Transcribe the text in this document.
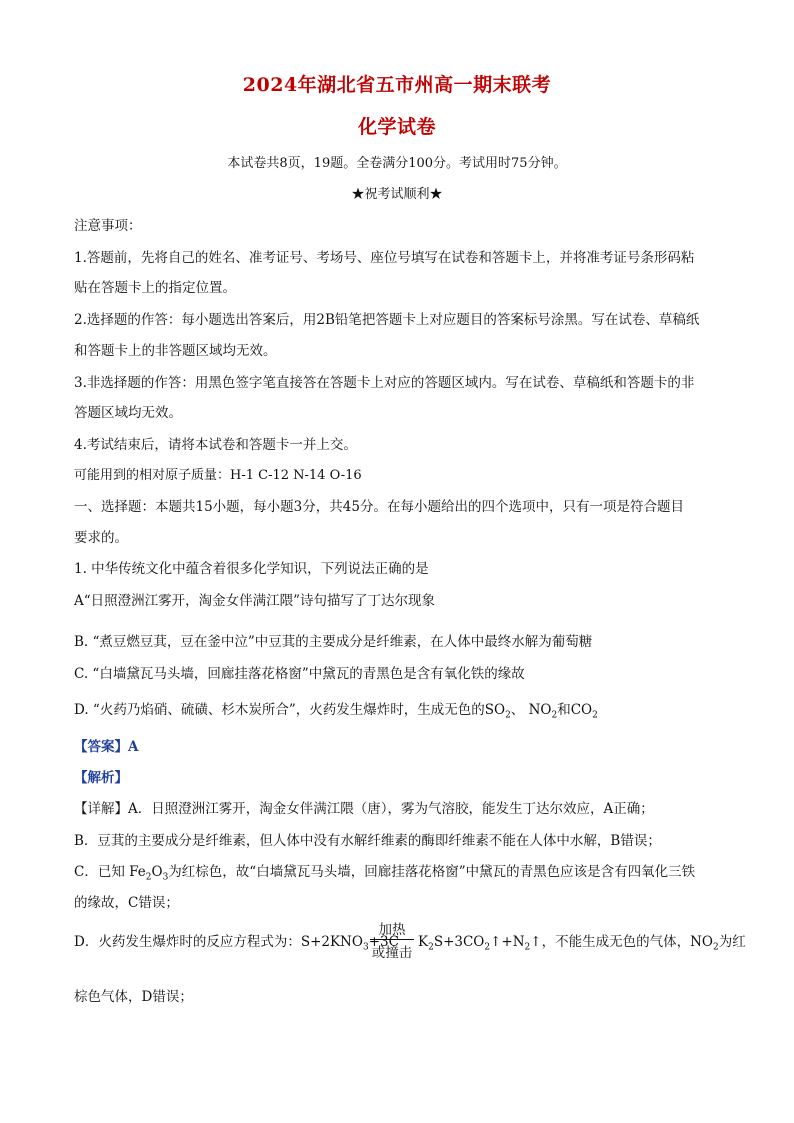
2024年湖北省五市州高一期末联考
化学试卷
本试卷共8页，19题。全卷满分100分。考试用时75分钟。
★祝考试顺利★
注意事项：
1.答题前，先将自己的姓名、准考证号、考场号、座位号填写在试卷和答题卡上，并将准考证号条形码粘
贴在答题卡上的指定位置。
2.选择题的作答：每小题选出答案后，用2B铅笔把答题卡上对应题目的答案标号涂黑。写在试卷、草稿纸
和答题卡上的非答题区域均无效。
3.非选择题的作答：用黑色签字笔直接答在答题卡上对应的答题区域内。写在试卷、草稿纸和答题卡的非
答题区域均无效。
4.考试结束后，请将本试卷和答题卡一并上交。
可能用到的相对原子质量：H-1 C-12 N-14 O-16
一、选择题：本题共15小题，每小题3分，共45分。在每小题给出的四个选项中，只有一项是符合题目
要求的。
1. 中华传统文化中蕴含着很多化学知识，下列说法正确的是
A“日照澄洲江雾开，淘金女伴满江隈”诗句描写了丁达尔现象
B. “煮豆燃豆萁，豆在釜中泣”中豆萁的主要成分是纤维素，在人体中最终水解为葡萄糖
C. “白墙黛瓦马头墙，回廊挂落花格窗”中黛瓦的青黑色是含有氧化铁的缘故
D. “火药乃焰硝、硫磺、杉木炭所合”，火药发生爆炸时，生成无色的$SO_2$、 $NO_2$和$CO_2$
【答案】A
【解析】
【详解】A．日照澄洲江雾开，淘金女伴满江隈（唐），雾为气溶胶，能发生丁达尔效应，A正确；
B．豆萁的主要成分是纤维素，但人体中没有水解纤维素的酶即纤维素不能在人体中水解，B错误；
C．已知 $Fe_2O_3$为红棕色，故“白墙黛瓦马头墙，回廊挂落花格窗”中黛瓦的青黑色应该是含有四氧化三铁
的缘故，C错误；
D．火药发生爆炸时的反应方程式为：$S+2KNO_3+3C$
加热
或撞击
$K_2S+3CO_2↑+N_2↑$，不能生成无色的气体，$NO_2$为红
棕色气体，D错误；
